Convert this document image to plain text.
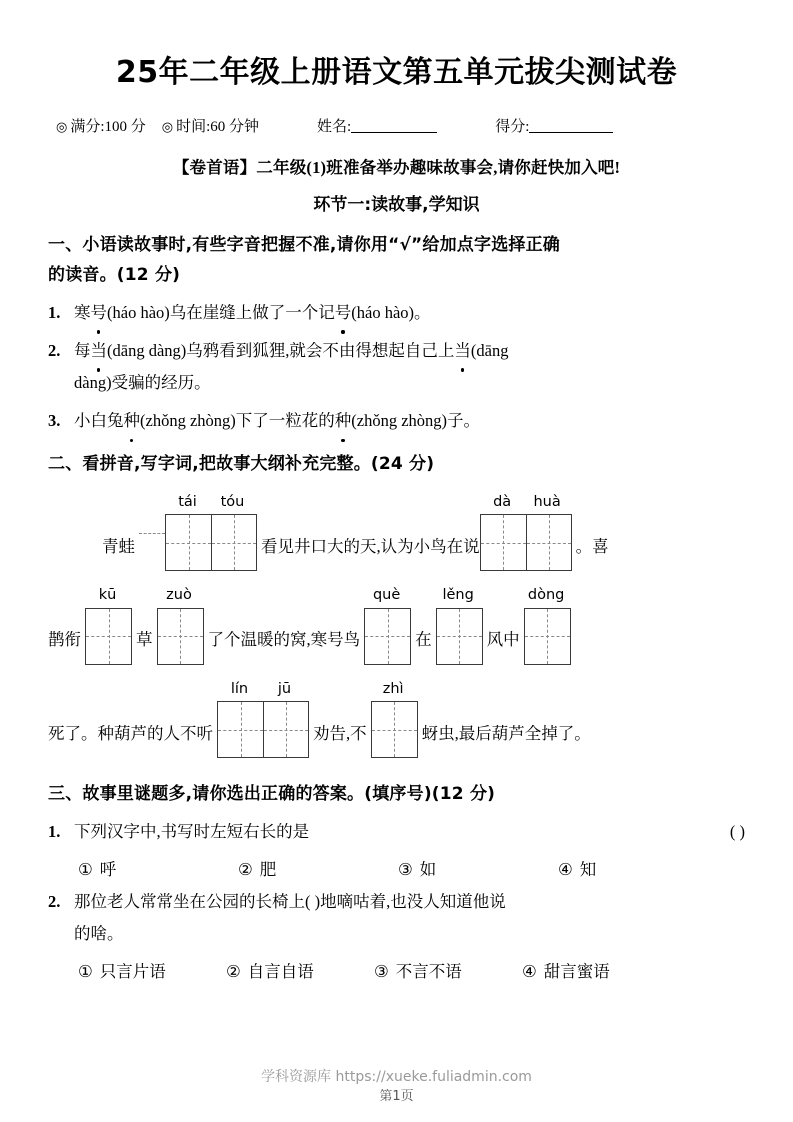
25年二年级上册语文第五单元拔尖测试卷
◎ 满分:100 分 ◎ 时间:60 分钟	姓名:	得分:
【卷首语】二年级(1)班准备举办趣味故事会,请你赶快加入吧!
环节一:读故事,学知识
一、小语读故事时,有些字音把握不准,请你用“√”给加点字选择正确
的读音。(12 分)
1. 寒号(háo hào)乌在崖缝上做了一个记号(háo hào)。
2. 每当(dāng dàng)乌鸦看到狐狸,就会不由得想起自己上当(dāng
dàng)受骗的经历。
3. 小白兔种(zhǒng zhòng)下了一粒花的种(zhǒng zhòng)子。
二、看拼音,写字词,把故事大纲补充完整。(24 分)
青蛙
tái	tóu
看见井口大的天,认为小鸟在说
dà	huà
。喜
鹊衔
kū
草
zuò
了个温暖的窝,寒号鸟
què
在
lěng
风中
dòng
死了。种葫芦的人不听
lín	jū
劝告,不
zhì
蚜虫,最后葫芦全掉了。
三、故事里谜题多,请你选出正确的答案。(填序号)(12 分)
1. 下列汉字中,书写时左短右长的是	( )
① 呼	② 肥	③ 如	④ 知
2. 那位老人常常坐在公园的长椅上( )地嘀咕着,也没人知道他说
的啥。
① 只言片语	② 自言自语	③ 不言不语	④ 甜言蜜语
学科资源库 https://xueke.fuliadmin.com
第1页
